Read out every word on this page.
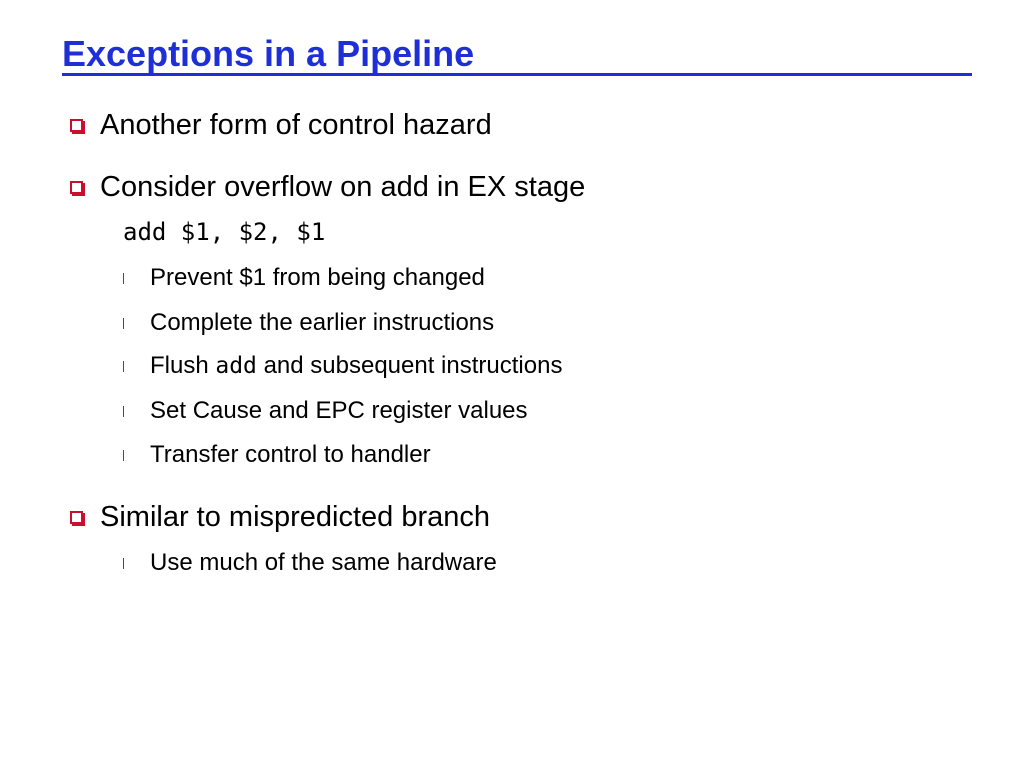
Exceptions in a Pipeline
Another form of control hazard
Consider overflow on add in EX stage
add $1, $2, $1
Prevent $1 from being changed
Complete the earlier instructions
Flush add and subsequent instructions
Set Cause and EPC register values
Transfer control to handler
Similar to mispredicted branch
Use much of the same hardware
